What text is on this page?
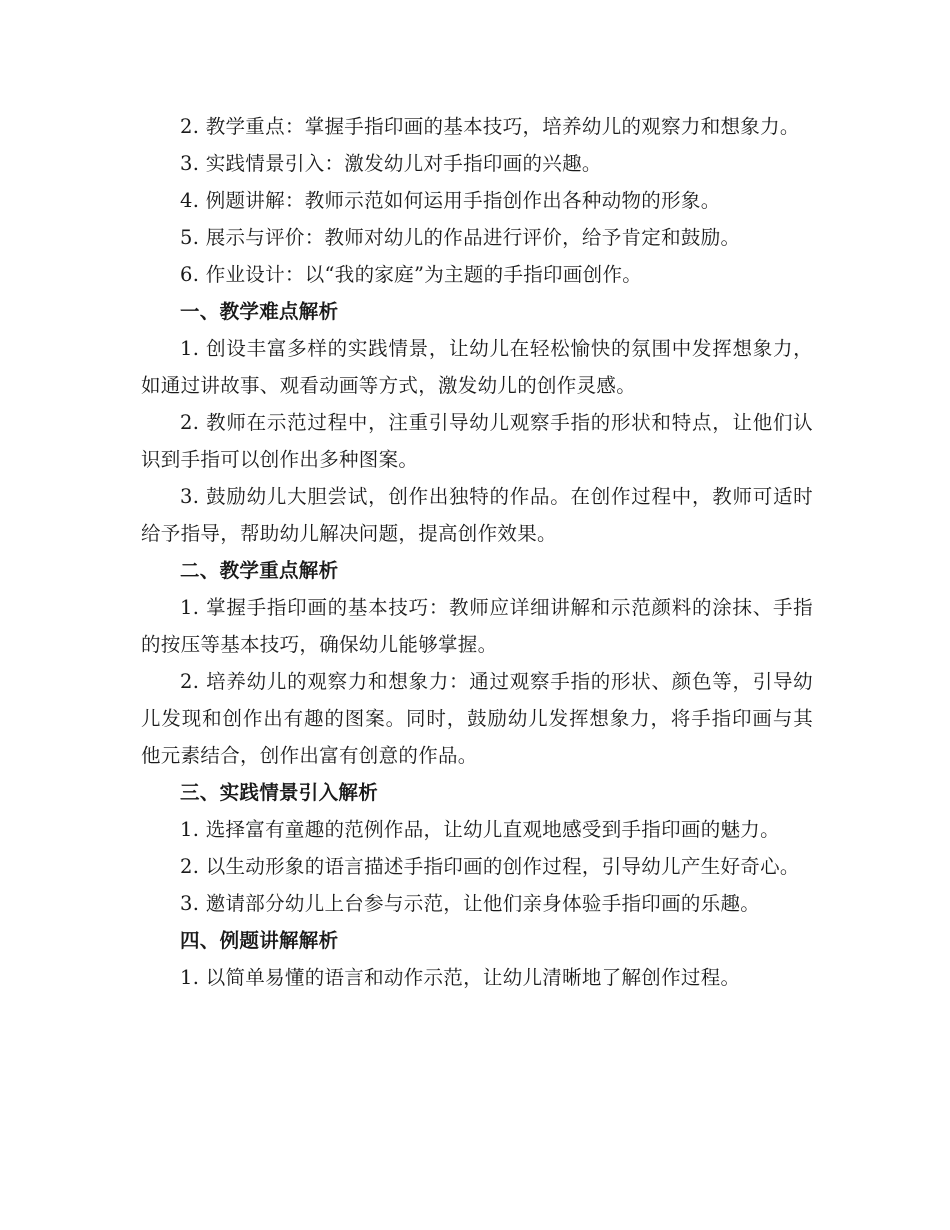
2. 教学重点：掌握手指印画的基本技巧，培养幼儿的观察力和想象力。

3. 实践情景引入：激发幼儿对手指印画的兴趣。

4. 例题讲解：教师示范如何运用手指创作出各种动物的形象。

5. 展示与评价：教师对幼儿的作品进行评价，给予肯定和鼓励。

6. 作业设计：以“我的家庭”为主题的手指印画创作。

一、教学难点解析

1. 创设丰富多样的实践情景，让幼儿在轻松愉快的氛围中发挥想象力，如通过讲故事、观看动画等方式，激发幼儿的创作灵感。

2. 教师在示范过程中，注重引导幼儿观察手指的形状和特点，让他们认识到手指可以创作出多种图案。

3. 鼓励幼儿大胆尝试，创作出独特的作品。在创作过程中，教师可适时给予指导，帮助幼儿解决问题，提高创作效果。

二、教学重点解析

1. 掌握手指印画的基本技巧：教师应详细讲解和示范颜料的涂抹、手指的按压等基本技巧，确保幼儿能够掌握。

2. 培养幼儿的观察力和想象力：通过观察手指的形状、颜色等，引导幼儿发现和创作出有趣的图案。同时，鼓励幼儿发挥想象力，将手指印画与其他元素结合，创作出富有创意的作品。

三、实践情景引入解析

1. 选择富有童趣的范例作品，让幼儿直观地感受到手指印画的魅力。

2. 以生动形象的语言描述手指印画的创作过程，引导幼儿产生好奇心。

3. 邀请部分幼儿上台参与示范，让他们亲身体验手指印画的乐趣。

四、例题讲解解析

1. 以简单易懂的语言和动作示范，让幼儿清晰地了解创作过程。
